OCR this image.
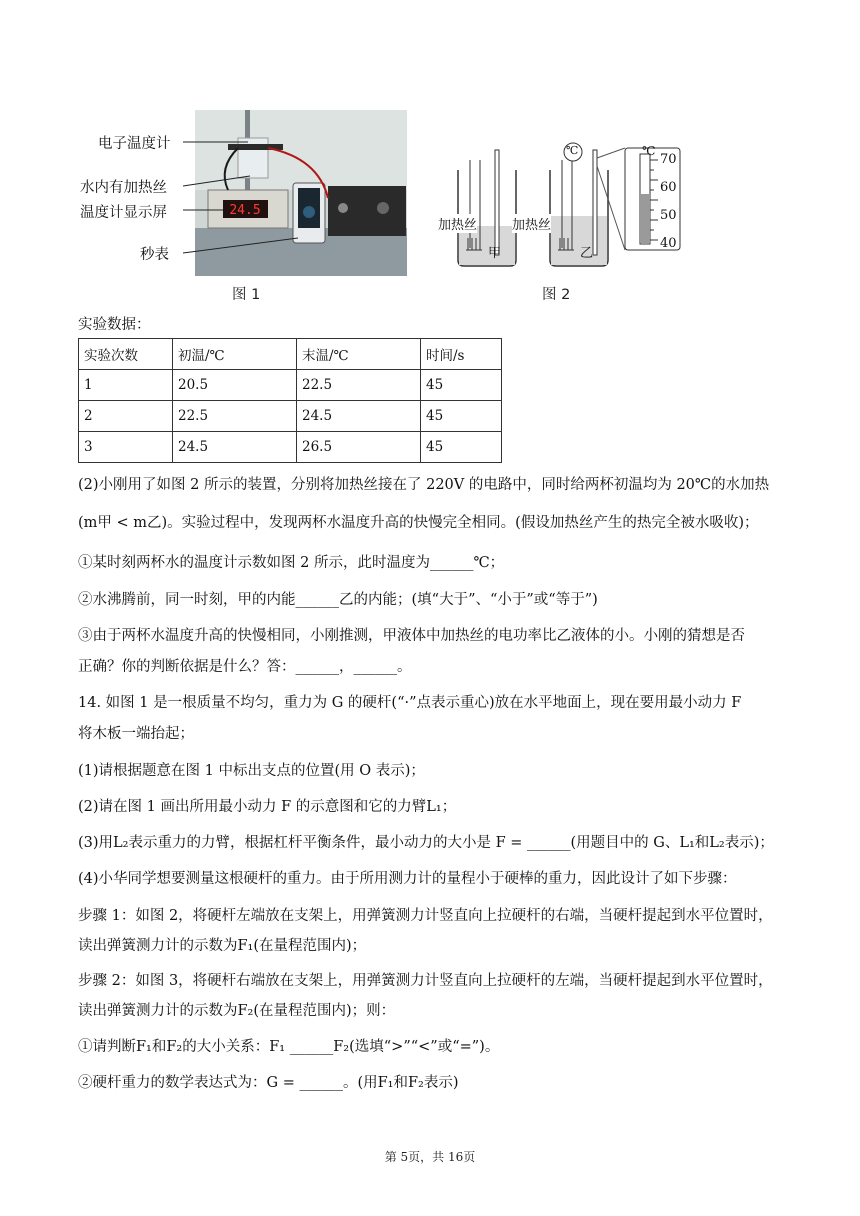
24.5
电子温度计
水内有加热丝
温度计显示屏
秒表
图 1
甲	乙
加热丝	加热丝
℃	℃
70
60
50
40
图 2
实验数据：
实验次数	初温/℃	末温/℃	时间/s
1	20.5	22.5	45
2	22.5	24.5	45
3	24.5	26.5	45
(2)小刚用了如图 2 所示的装置，分别将加热丝接在了 220V 的电路中，同时给两杯初温均为 20℃的水加热
(m甲 < m乙)。实验过程中，发现两杯水温度升高的快慢完全相同。(假设加热丝产生的热完全被水吸收)；
①某时刻两杯水的温度计示数如图 2 所示，此时温度为______℃；
②水沸腾前，同一时刻，甲的内能______乙的内能；(填“大于”、“小于”或“等于”)
③由于两杯水温度升高的快慢相同，小刚推测，甲液体中加热丝的电功率比乙液体的小。小刚的猜想是否
正确？你的判断依据是什么？答：______，______。
14. 如图 1 是一根质量不均匀，重力为 G 的硬杆(“·”点表示重心)放在水平地面上，现在要用最小动力 F
将木板一端抬起；
(1)请根据题意在图 1 中标出支点的位置(用 O 表示)；
(2)请在图 1 画出所用最小动力 F 的示意图和它的力臂L₁；
(3)用L₂表示重力的力臂，根据杠杆平衡条件，最小动力的大小是 F = ______(用题目中的 G、L₁和L₂表示)；
(4)小华同学想要测量这根硬杆的重力。由于所用测力计的量程小于硬棒的重力，因此设计了如下步骤：
步骤 1：如图 2，将硬杆左端放在支架上，用弹簧测力计竖直向上拉硬杆的右端，当硬杆提起到水平位置时，
读出弹簧测力计的示数为F₁(在量程范围内)；
步骤 2：如图 3，将硬杆右端放在支架上，用弹簧测力计竖直向上拉硬杆的左端，当硬杆提起到水平位置时，
读出弹簧测力计的示数为F₂(在量程范围内)；则：
①请判断F₁和F₂的大小关系：F₁ ______F₂(选填“>”“<”或“=”)。
②硬杆重力的数学表达式为：G = ______。(用F₁和F₂表示)
第 5页，共 16页
